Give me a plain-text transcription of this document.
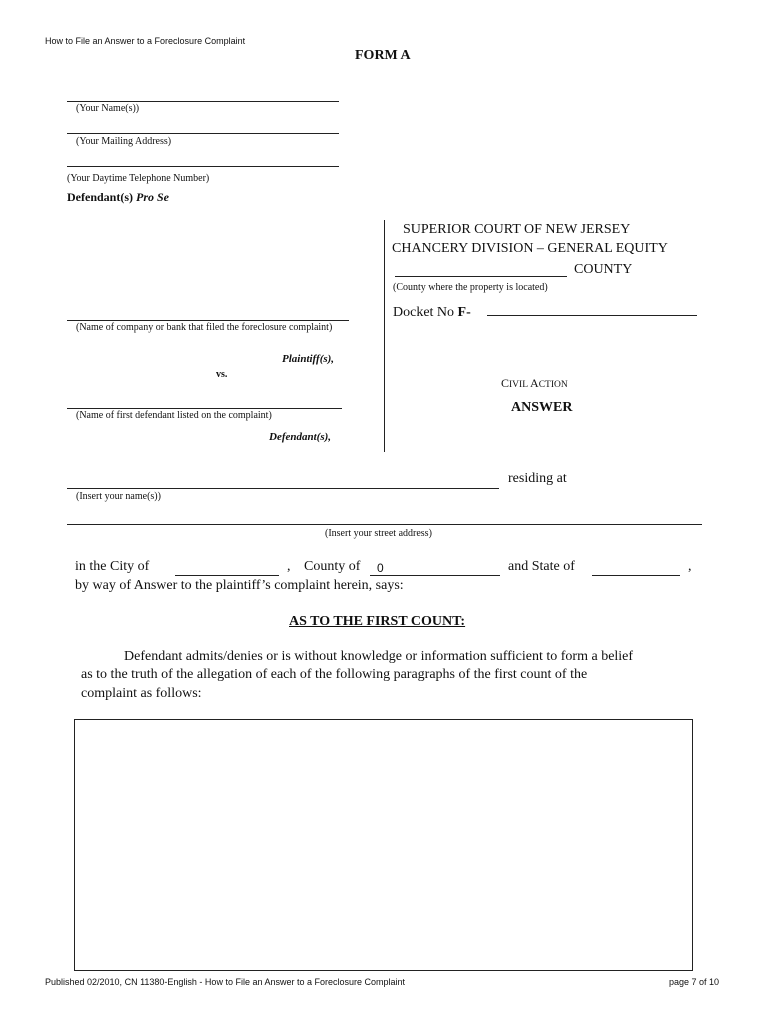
How to File an Answer to a Foreclosure Complaint
FORM A
(Your Name(s))
(Your Mailing Address)
(Your Daytime Telephone Number)
Defendant(s) Pro Se
SUPERIOR COURT OF NEW JERSEY
CHANCERY DIVISION – GENERAL EQUITY
COUNTY
(County where the property is located)
Docket No F-
CIVIL ACTION
ANSWER
(Name of company or bank that filed the foreclosure complaint)
Plaintiff(s),
vs.
(Name of first defendant listed on the complaint)
Defendant(s),
residing at
(Insert your name(s))
(Insert your street address)
in the City of	, County of 0	and State of	,
by way of Answer to the plaintiff’s complaint herein, says:
AS TO THE FIRST COUNT:
Defendant admits/denies or is without knowledge or information sufficient to form a belief
as to the truth of the allegation of each of the following paragraphs of the first count of the
complaint as follows:
Published 02/2010, CN 11380-English - How to File an Answer to a Foreclosure Complaint	page 7 of 10
